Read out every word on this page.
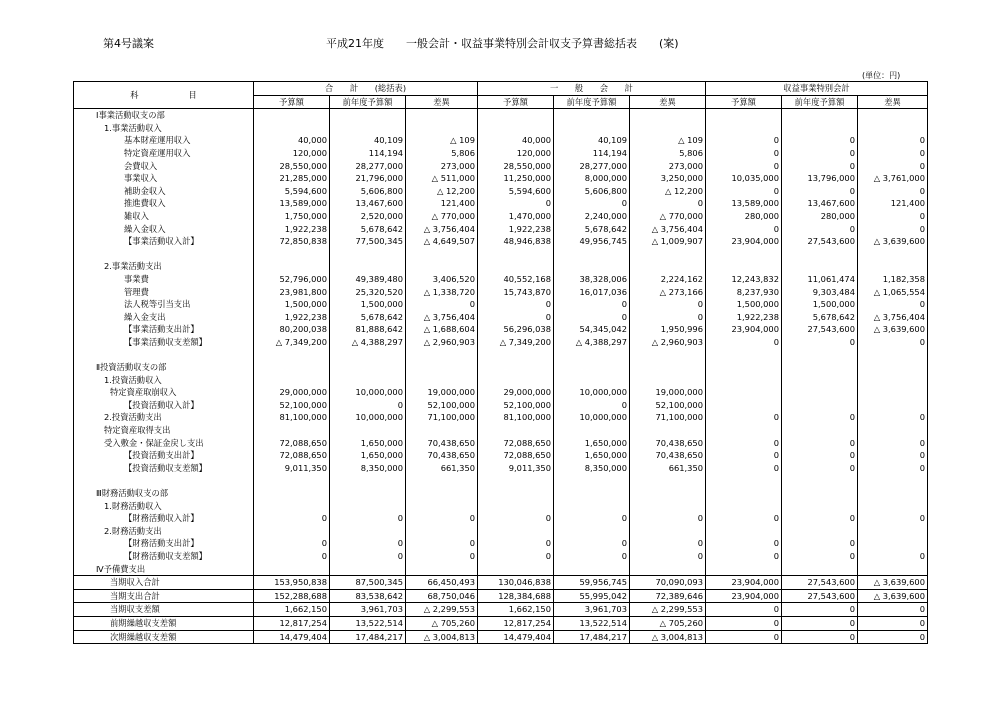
第4号議案	平成21年度　　一般会計・収益事業特別会計収支予算書総括表　　(案)
(単位：円)
科　　　　　　目	合　　計　　(総括表)			一　　般　　会　　計			収益事業特別会計		
	予算額	前年度予算額	差異	予算額	前年度予算額	差異	予算額	前年度予算額	差異
Ⅰ事業活動収支の部									
1.事業活動収入									
基本財産運用収入	40,000	40,109	△ 109	40,000	40,109	△ 109	0	0	0
特定資産運用収入	120,000	114,194	5,806	120,000	114,194	5,806	0	0	0
会費収入	28,550,000	28,277,000	273,000	28,550,000	28,277,000	273,000	0	0	0
事業収入	21,285,000	21,796,000	△ 511,000	11,250,000	8,000,000	3,250,000	10,035,000	13,796,000	△ 3,761,000
補助金収入	5,594,600	5,606,800	△ 12,200	5,594,600	5,606,800	△ 12,200	0	0	0
推進費収入	13,589,000	13,467,600	121,400	0	0	0	13,589,000	13,467,600	121,400
雑収入	1,750,000	2,520,000	△ 770,000	1,470,000	2,240,000	△ 770,000	280,000	280,000	0
繰入金収入	1,922,238	5,678,642	△ 3,756,404	1,922,238	5,678,642	△ 3,756,404	0	0	0
【事業活動収入計】	72,850,838	77,500,345	△ 4,649,507	48,946,838	49,956,745	△ 1,009,907	23,904,000	27,543,600	△ 3,639,600

2.事業活動支出									
事業費	52,796,000	49,389,480	3,406,520	40,552,168	38,328,006	2,224,162	12,243,832	11,061,474	1,182,358
管理費	23,981,800	25,320,520	△ 1,338,720	15,743,870	16,017,036	△ 273,166	8,237,930	9,303,484	△ 1,065,554
法人税等引当支出	1,500,000	1,500,000	0	0	0	0	1,500,000	1,500,000	0
繰入金支出	1,922,238	5,678,642	△ 3,756,404	0	0	0	1,922,238	5,678,642	△ 3,756,404
【事業活動支出計】	80,200,038	81,888,642	△ 1,688,604	56,296,038	54,345,042	1,950,996	23,904,000	27,543,600	△ 3,639,600
【事業活動収支差額】	△ 7,349,200	△ 4,388,297	△ 2,960,903	△ 7,349,200	△ 4,388,297	△ 2,960,903	0	0	0

Ⅱ投資活動収支の部									
1.投資活動収入									
特定資産取崩収入	29,000,000	10,000,000	19,000,000	29,000,000	10,000,000	19,000,000			
【投資活動収入計】	52,100,000	0	52,100,000	52,100,000	0	52,100,000			
2.投資活動支出	81,100,000	10,000,000	71,100,000	81,100,000	10,000,000	71,100,000	0	0	0
特定資産取得支出									
受入敷金・保証金戻し支出	72,088,650	1,650,000	70,438,650	72,088,650	1,650,000	70,438,650	0	0	0
【投資活動支出計】	72,088,650	1,650,000	70,438,650	72,088,650	1,650,000	70,438,650	0	0	0
【投資活動収支差額】	9,011,350	8,350,000	661,350	9,011,350	8,350,000	661,350	0	0	0

Ⅲ財務活動収支の部									
1.財務活動収入									
【財務活動収入計】	0	0	0	0	0	0	0	0	0
2.財務活動支出									
【財務活動支出計】	0	0	0	0	0	0	0	0	
【財務活動収支差額】	0	0	0	0	0	0	0	0	0
Ⅳ予備費支出									
当期収入合計	153,950,838	87,500,345	66,450,493	130,046,838	59,956,745	70,090,093	23,904,000	27,543,600	△ 3,639,600
当期支出合計	152,288,688	83,538,642	68,750,046	128,384,688	55,995,042	72,389,646	23,904,000	27,543,600	△ 3,639,600
当期収支差額	1,662,150	3,961,703	△ 2,299,553	1,662,150	3,961,703	△ 2,299,553	0	0	0
前期繰越収支差額	12,817,254	13,522,514	△ 705,260	12,817,254	13,522,514	△ 705,260	0	0	0
次期繰越収支差額	14,479,404	17,484,217	△ 3,004,813	14,479,404	17,484,217	△ 3,004,813	0	0	0
